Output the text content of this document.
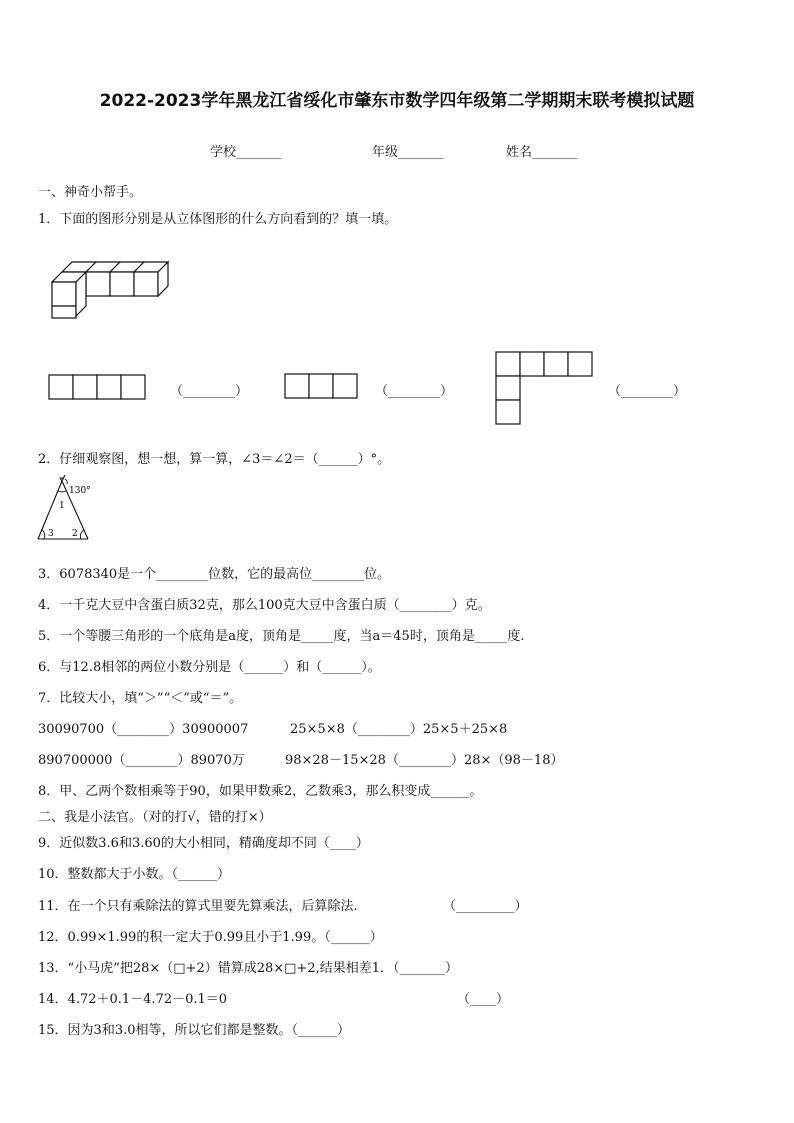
2022-2023学年黑龙江省绥化市肇东市数学四年级第二学期期末联考模拟试题
学校_______	年级_______	姓名_______
一、神奇小帮手。
1．下面的图形分别是从立体图形的什么方向看到的？填一填。
（________）	（________）	（________）
2．仔细观察图，想一想，算一算，∠3＝∠2＝（______）°。
130°
1
2
3
3．6078340是一个________位数，它的最高位________位。
4．一千克大豆中含蛋白质32克，那么100克大豆中含蛋白质（________）克。
5．一个等腰三角形的一个底角是a度，顶角是_____度，当a＝45时，顶角是_____度.
6．与12.8相邻的两位小数分别是（______）和（______）。
7．比较大小，填“＞”“＜”或“＝”。
30090700（________）30900007	25×5×8（________）25×5＋25×8
890700000（________）89070万	98×28－15×28（________）28×（98－18）
8．甲、乙两个数相乘等于90，如果甲数乘2，乙数乘3，那么积变成______。
二、我是小法官。（对的打√，错的打×）
9．近似数3.6和3.60的大小相同，精确度却不同（____）
10．整数都大于小数。（______）
11．在一个只有乘除法的算式里要先算乘法，后算除法.	（_________）
12．0.99×1.99的积一定大于0.99且小于1.99。（______）
13．“小马虎”把28×（□+2）错算成28×□+2,结果相差1．（_______）
14．4.72＋0.1－4.72－0.1＝0	（____）
15．因为3和3.0相等，所以它们都是整数。（______）
